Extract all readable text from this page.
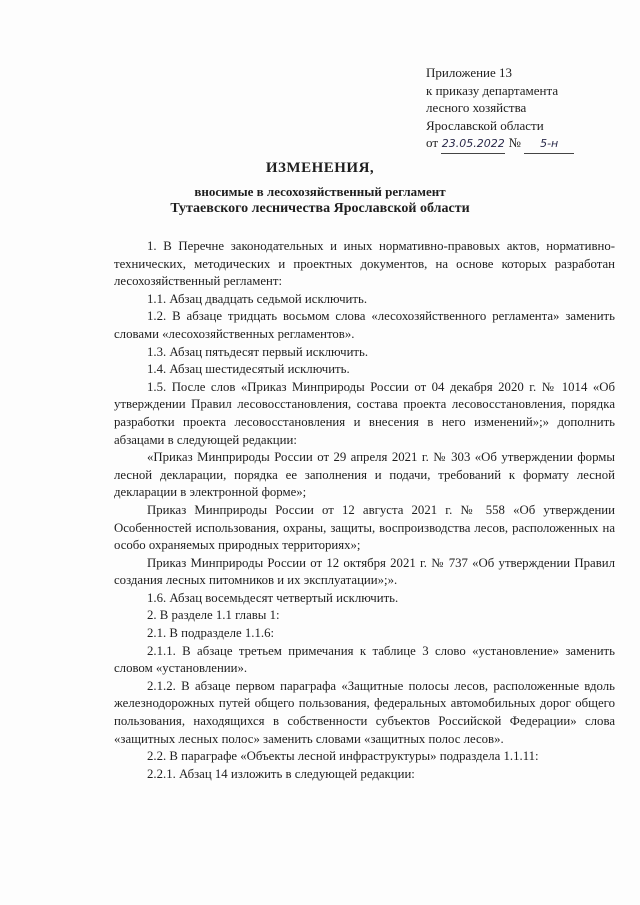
Приложение 13
к приказу департамента
лесного хозяйства
Ярославской области
от 23.05.2022 № 5-н
ИЗМЕНЕНИЯ,
вносимые в лесохозяйственный регламент
Тутаевского лесничества Ярославской области

1. В Перечне законодательных и иных нормативно-правовых актов, нормативно-технических, методических и проектных документов, на основе которых разработан лесохозяйственный регламент:

1.1. Абзац двадцать седьмой исключить.

1.2. В абзаце тридцать восьмом слова «лесохозяйственного регламента» заменить словами «лесохозяйственных регламентов».

1.3. Абзац пятьдесят первый исключить.

1.4. Абзац шестидесятый исключить.

1.5. После слов «Приказ Минприроды России от 04 декабря 2020 г. № 1014 «Об утверждении Правил лесовосстановления, состава проекта лесовосстановления, порядка разработки проекта лесовосстановления и внесения в него изменений»;» дополнить абзацами в следующей редакции:

«Приказ Минприроды России от 29 апреля 2021 г. № 303 «Об утверждении формы лесной декларации, порядка ее заполнения и подачи, требований к формату лесной декларации в электронной форме»;

Приказ Минприроды России от 12 августа 2021 г. № 558 «Об утверждении Особенностей использования, охраны, защиты, воспроизводства лесов, расположенных на особо охраняемых природных территориях»;

Приказ Минприроды России от 12 октября 2021 г. № 737 «Об утверждении Правил создания лесных питомников и их эксплуатации»;».

1.6. Абзац восемьдесят четвертый исключить.

2. В разделе 1.1 главы 1:

2.1. В подразделе 1.1.6:

2.1.1. В абзаце третьем примечания к таблице 3 слово «установление» заменить словом «установлении».

2.1.2. В абзаце первом параграфа «Защитные полосы лесов, расположенные вдоль железнодорожных путей общего пользования, федеральных автомобильных дорог общего пользования, находящихся в собственности субъектов Российской Федерации» слова «защитных лесных полос» заменить словами «защитных полос лесов».

2.2. В параграфе «Объекты лесной инфраструктуры» подраздела 1.1.11:

2.2.1. Абзац 14 изложить в следующей редакции:
